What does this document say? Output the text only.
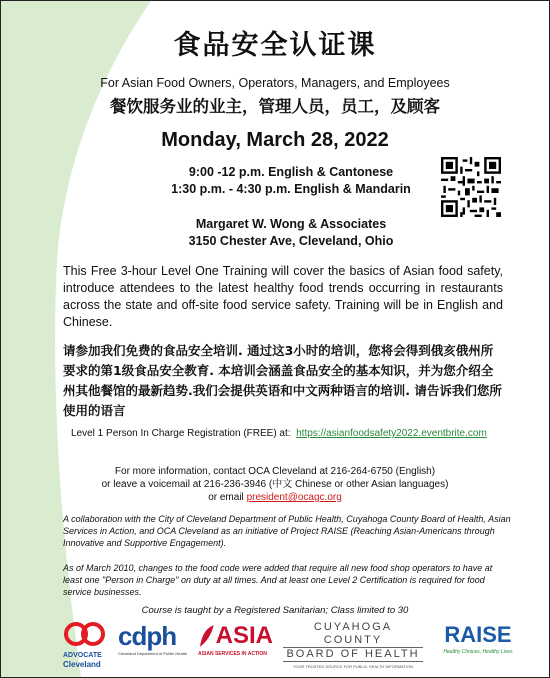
食品安全认证课
For Asian Food Owners, Operators, Managers, and Employees
餐饮服务业的业主，管理人员，员工，及顾客
Monday, March 28, 2022
9:00 -12 p.m. English & Cantonese
1:30 p.m. - 4:30 p.m. English & Mandarin
Margaret W. Wong & Associates
3150 Chester Ave, Cleveland, Ohio
This Free 3-hour Level One Training will cover the basics of Asian food safety, introduce attendees to the latest healthy food trends occurring in restaurants across the state and off-site food service safety. Training will be in English and Chinese.
请参加我们免费的食品安全培训. 通过这3小时的培训，您将会得到俄亥俄州所要求的第1级食品安全教育. 本培训会涵盖食品安全的基本知识，并为您介绍全州其他餐馆的最新趋势.我们会提供英语和中文两种语言的培训. 请告诉我们您所使用的语言
Level 1 Person In Charge Registration (FREE) at: https://asianfoodsafety2022.eventbrite.com
For more information, contact OCA Cleveland at 216-264-6750 (English)
or leave a voicemail at 216-236-3946 (中文 Chinese or other Asian languages)
or email president@ocagc.org
A collaboration with the City of Cleveland Department of Public Health, Cuyahoga County Board of Health, Asian Services in Action, and OCA Cleveland as an initiative of Project RAISE (Reaching Asian-Americans through Innovative and Supportive Engagement).
As of March 2010, changes to the food code were added that require all new food shop operators to have at least one "Person in Charge" on duty at all times. And at least one Level 2 Certification is required for food service businesses.
Course is taught by a Registered Sanitarian; Class limited to 30
ADVOCATE
Cleveland
cdph
Cleveland Department of Public Health
ASIA
ASIAN SERVICES IN ACTION
CUYAHOGA COUNTY
BOARD OF HEALTH
YOUR TRUSTED SOURCE FOR PUBLIC HEALTH INFORMATION
RAISE
Healthy Choices, Healthy Lives
